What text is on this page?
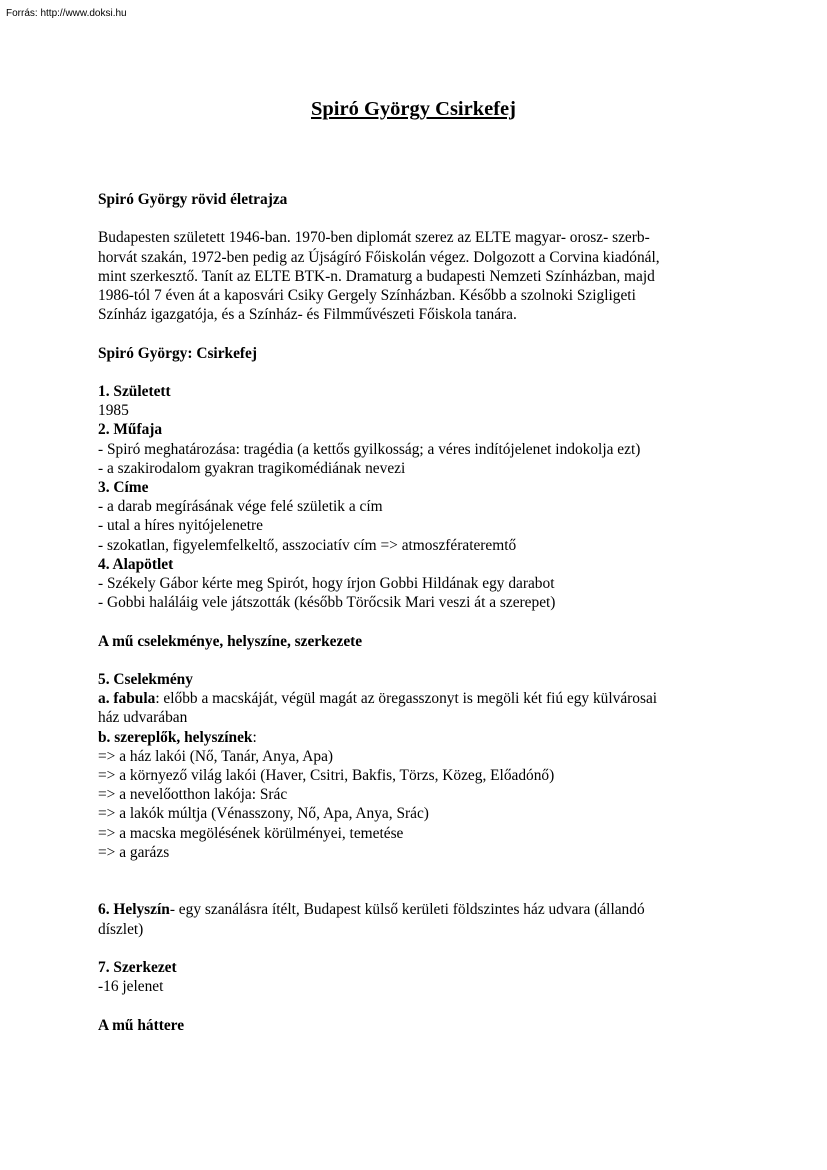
Forrás: http://www.doksi.hu
Spiró György Csirkefej

Spiró György rövid életrajza

Budapesten született 1946-ban. 1970-ben diplomát szerez az ELTE magyar- orosz- szerb-

horvát szakán, 1972-ben pedig az Újságíró Főiskolán végez. Dolgozott a Corvina kiadónál,

mint szerkesztő. Tanít az ELTE BTK-n. Dramaturg a budapesti Nemzeti Színházban, majd

1986-tól 7 éven át a kaposvári Csiky Gergely Színházban. Később a szolnoki Szigligeti

Színház igazgatója, és a Színház- és Filmművészeti Főiskola tanára.

Spiró György: Csirkefej

1. Született

1985

2. Műfaja

- Spiró meghatározása: tragédia (a kettős gyilkosság; a véres indítójelenet indokolja ezt)

- a szakirodalom gyakran tragikomédiának nevezi

3. Címe

- a darab megírásának vége felé születik a cím

- utal a híres nyitójelenetre

- szokatlan, figyelemfelkeltő, asszociatív cím => atmoszférateremtő

4. Alapötlet

- Székely Gábor kérte meg Spirót, hogy írjon Gobbi Hildának egy darabot

- Gobbi haláláig vele játszották (később Törőcsik Mari veszi át a szerepet)

A mű cselekménye, helyszíne, szerkezete

5. Cselekmény

a. fabula: előbb a macskáját, végül magát az öregasszonyt is megöli két fiú egy külvárosai

ház udvarában

b. szereplők, helyszínek:

=> a ház lakói (Nő, Tanár, Anya, Apa)

=> a környező világ lakói (Haver, Csitri, Bakfis, Törzs, Közeg, Előadónő)

=> a nevelőotthon lakója: Srác

=> a lakók múltja (Vénasszony, Nő, Apa, Anya, Srác)

=> a macska megölésének körülményei, temetése

=> a garázs

6. Helyszín- egy szanálásra ítélt, Budapest külső kerületi földszintes ház udvara (állandó

díszlet)

7. Szerkezet

-16 jelenet

A mű háttere
